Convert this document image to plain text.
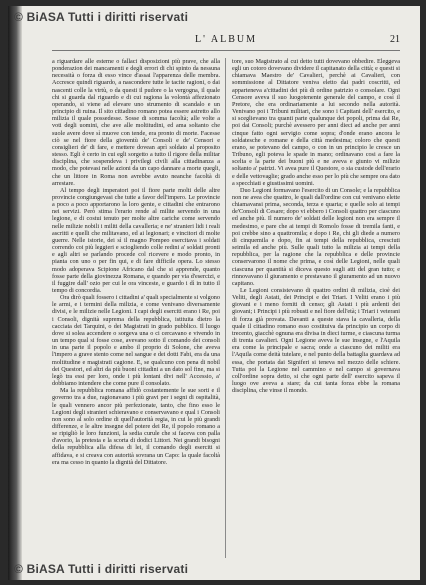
© BiASA Tutti i diritti riservati
L' ALBUM	21

a riguardare alle esterne o fallaci disposizioni più prave, che alla ponderazion dei mancamenti e degli errori di chi spinto da nessuna necessità o forza di esso vince d'assai l'apparenza delle membra. Accresce quindi riguardo, a nascondere tutte le tacite ragioni, o dai nascenti colle la virtù, o da questi il pudore o la vergogna, il quale chi si guarda dal riguardo e di cui ragiona la volontà affezionato operando, si viene ad elevare uno strumento di scandalo e un principio di ruina. Il sito cittadino romano potea essere astretto allo milizia il quale possedesse. Sosse di somma facoltà; alle volte a voti degli uomini, che ave alle moltitudini, ed ama soltanto che suole avere dove sì muove con tende, era pronto di morte. Facesse ciò se nel fiore della gioventù de' Consoli e de' Censori e consiglieri de' di fare, e mettere dovean aprì soldato al proposito stesso. Egli è certo in cui egli sorgetto a tutto il rigore della militar disciplina, che sospendeva i privilegi civili alla cittadinanza a modo, che potevasi nelle azioni da un capo dannare a morte quegli, che un littore in Roma non avrebbe avuto neanche facoltà di arrestare.

Al tempo degli imperatori poi il fiore parte molti delle altre provincie congiungevasi che tutte a favor dell'impero. Le provincie a poco a poco apportarono la loro gente, e cittadini che entrarono nei servizi. Però stima l'erario rende al milite servendo in una legione, e di costui tenuto per molte altre cariche come servendo nelle milizie nobili i militi della cavalleria; e ne' stranieri lidi i reali ascritti e quelli che militavano, ed ai legionari; e vincitori di molte guerre. Nelle istorie, dei sì il magno Pompeo esercitava i soldati correndo coi più leggieri e sciogliendo colle redini a' soldati pronti e agli altri se parlando procede col ricevere e modo pronto, in pianta con uno o per fin qui, e di fare difficile opera. Lo stesso modo adoperava Scipione Africano dal che si apprende, quanto fosse parte della giovinezza Romana, e quando per via d'esercizi, e il fuggire dall' ozio per cui le ora vinceste, e guardo i dì in tutto il tempo di concordia.

Ora dirò quali fossero i cittadini a' quali specialmente si volgono le armi, e i termini della milizia, e come venivano diversamente divisi, e le milizie nelle Legioni. I capi degli eserciti erano i Re, poi i Consoli, dignità suprema della repubblica, istituita dietro la cacciata dei Tarquini, o dei Magistrati in grado pubblico. Il luogo dove si solea accendere o sorgeva una o ci cercavano e vivendo in un tempo qual si fosse cose, avevano sotto il comando dei consoli in una parte il popolo e ambo il proprio di Solone, che aveva l'impero a grave stento come nel sangue e dei dotti Fabi, era da una moltitudine e magistrati cagione. E, se qualcuno con pena di nobil dei Questori, ed altri da più buoni cittadini a un dato sol fine, ma si legò tra essi per loro, onde i più lontani divi nell' Accessio, a' dobbiamo intendere che come pure il consolato.

Ma la repubblica romana affidò costantemente le sue sorti e il governo tra a due, ragionavano i più gravi per i segni di ospitalità, le quali vennero ancor più perfezionate, tanto, che fino esso le Legioni degli stranieri schieravano e conservavano e qual i Consoli non sono al solo ordine di quell'autorità regia, in cui le più grandi differenze, e le altre insegne del potere dei Re, il popolo romano a se ripigliò le loro funzioni, la sedia curule che si faceva con palla d'avorio, la pretesta e la scorta di dodici Littori. Nei grandi bisogni della repubblica alla difesa di lei, il comando degli eserciti si affidava, e si creava con autorità sovrana un Capo: la quale facoltà era ma cesso in quanto la dignità del Dittatore.

tore, suo Magistrato al cui detto tutti dovevano obbedire. Eleggeva egli un cotoro dovevano dividere il capitanato della città; e questi si chiamava Maestro de' Cavalieri, perchè ai Cavalieri, con sommissione al Dittatore veniva eletto dai padri coscritti, ed apparteneva a'cittadini dei più di ordine patrizio o consolare. Ogni Censore aveva il suo luogotenente generale del campo, e così il Pretore, che era ordinariamente a lui secondo nella autorità. Venivano poi i Tribuni militari, che sono i Capitani dell' esercito, e si sceglievano tra quanti parte qualunque dei popoli, prima dai Re, poi dai Consoli; purchè avessero per anni dieci ad anche per anni cinque fatto ogni servigio come sopra; d'onde erano ancora le soldatesche e romane e della città medesima; coloro che questi erano, se potevano del campo, o con in un principio le cresce un Tribuno, egli poteva le spade in mano; ordinavano cosi a fare la scelta e la parte dei buoni più e ne aveva e giunto vi milizie soltanto a' patrizi. Vi avea pure il Questore, o sia custode dell'erario e delle vettovaglie; grado anche esso per lo più che sempre ora dato a specchiati e giustissimi uomini.

Duo Legioni formavano l'esercito di un Console; e la repubblica non ne avea che quattro, le quali dall'ordine con cui venivano elette chiamavansi prima, seconda, terza e quarta; e quelle solo ai tempi de'Consoli di Cesare; dopo vi ebbero i Consoli quattro per ciascuno ed anche più. Il numero de' soldati delle legioni non era sempre il medesimo, e pare che ai tempi di Romolo fosse di tremila fanti, e poi crebbe sino a quattromila; e dopo i Re, chi gli diede a numero di cinquemila e dopo, fin ai tempi della repubblica, cresciuti seimila ed anche più. Sulle quali tutto la milizia ai tempi della repubblica, per la ragione che la repubblica e delle provincie conservarono il nome che prima, e così delle Legioni, nelle quali ciascuna per quantità si diceva questo sugli atti del gran tutto; e rinnovavano il giuramento e prestavano il giuramento ad un nuovo capitano.

Le Legioni consistevano di quattro ordini di milizia, cioè dei Veliti, degli Astati, dei Principi e dei Triari. I Veliti erano i più giovani e i meno forniti di censo; gli Astati i più ardenti dei giovani; i Principi i più robusti e nel fiore dell'età; i Triari i veterani di forza già provata. Davanti a queste stava la cavalleria, della quale il cittadino romano esso costituiva da principio un corpo di trecento, giacchè ognuna era divisa in dieci turme, e ciascuna turma di trenta cavalieri. Ogni Legione aveva le sue insegne, e l'Aquila era come la principale e sacra; onde a ciascuno dei militi era l'Aquila come deità tutelare, e nel punto della battaglia guardava ad essa, che portata dai Signiferi si teneva nel mezzo delle schiere. Tutta poi la Legione nel cammino e nel campo si governava coll'ordine sopra detto, si che ogni parte dell' esercito sapeva il luogo ove aveva a stare; da cui tanta forza ebbe la romana disciplina, che vinse il mondo.

© BiASA Tutti i diritti riservati
